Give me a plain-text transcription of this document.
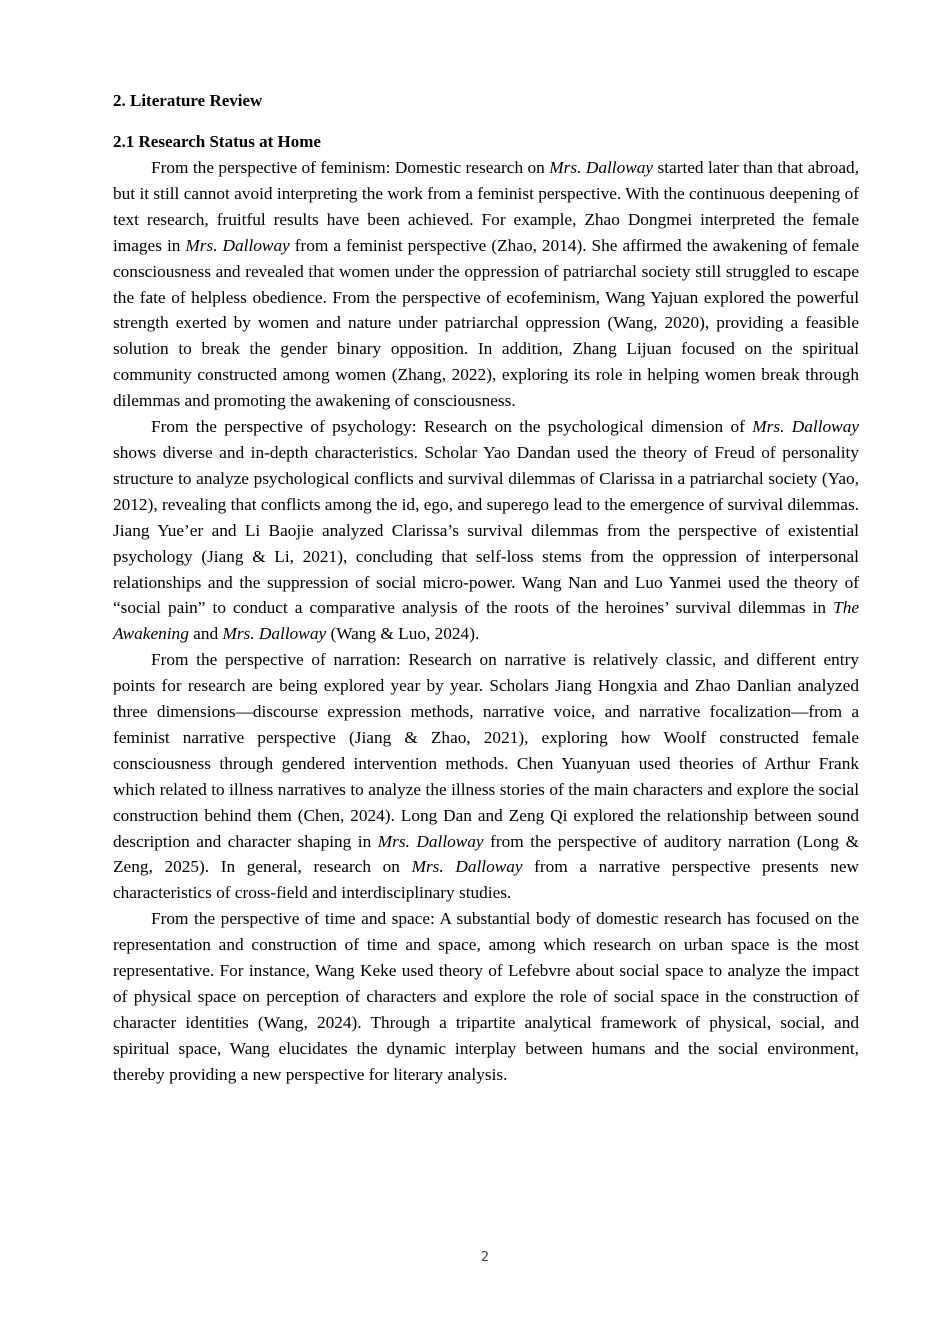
2. Literature Review
2.1 Research Status at Home

From the perspective of feminism: Domestic research on Mrs. Dalloway started later than that abroad, but it still cannot avoid interpreting the work from a feminist perspective. With the continuous deepening of text research, fruitful results have been achieved. For example, Zhao Dongmei interpreted the female images in Mrs. Dalloway from a feminist perspective (Zhao, 2014). She affirmed the awakening of female consciousness and revealed that women under the oppression of patriarchal society still struggled to escape the fate of helpless obedience. From the perspective of ecofeminism, Wang Yajuan explored the powerful strength exerted by women and nature under patriarchal oppression (Wang, 2020), providing a feasible solution to break the gender binary opposition. In addition, Zhang Lijuan focused on the spiritual community constructed among women (Zhang, 2022), exploring its role in helping women break through dilemmas and promoting the awakening of consciousness.

From the perspective of psychology: Research on the psychological dimension of Mrs. Dalloway shows diverse and in-depth characteristics. Scholar Yao Dandan used the theory of Freud of personality structure to analyze psychological conflicts and survival dilemmas of Clarissa in a patriarchal society (Yao, 2012), revealing that conflicts among the id, ego, and superego lead to the emergence of survival dilemmas. Jiang Yue’er and Li Baojie analyzed Clarissa’s survival dilemmas from the perspective of existential psychology (Jiang & Li, 2021), concluding that self-loss stems from the oppression of interpersonal relationships and the suppression of social micro-power. Wang Nan and Luo Yanmei used the theory of “social pain” to conduct a comparative analysis of the roots of the heroines’ survival dilemmas in The Awakening and Mrs. Dalloway (Wang & Luo, 2024).

From the perspective of narration: Research on narrative is relatively classic, and different entry points for research are being explored year by year. Scholars Jiang Hongxia and Zhao Danlian analyzed three dimensions—discourse expression methods, narrative voice, and narrative focalization—from a feminist narrative perspective (Jiang & Zhao, 2021), exploring how Woolf constructed female consciousness through gendered intervention methods. Chen Yuanyuan used theories of Arthur Frank which related to illness narratives to analyze the illness stories of the main characters and explore the social construction behind them (Chen, 2024). Long Dan and Zeng Qi explored the relationship between sound description and character shaping in Mrs. Dalloway from the perspective of auditory narration (Long & Zeng, 2025). In general, research on Mrs. Dalloway from a narrative perspective presents new characteristics of cross-field and interdisciplinary studies.

From the perspective of time and space: A substantial body of domestic research has focused on the representation and construction of time and space, among which research on urban space is the most representative. For instance, Wang Keke used theory of Lefebvre about social space to analyze the impact of physical space on perception of characters and explore the role of social space in the construction of character identities (Wang, 2024). Through a tripartite analytical framework of physical, social, and spiritual space, Wang elucidates the dynamic interplay between humans and the social environment, thereby providing a new perspective for literary analysis.

2
